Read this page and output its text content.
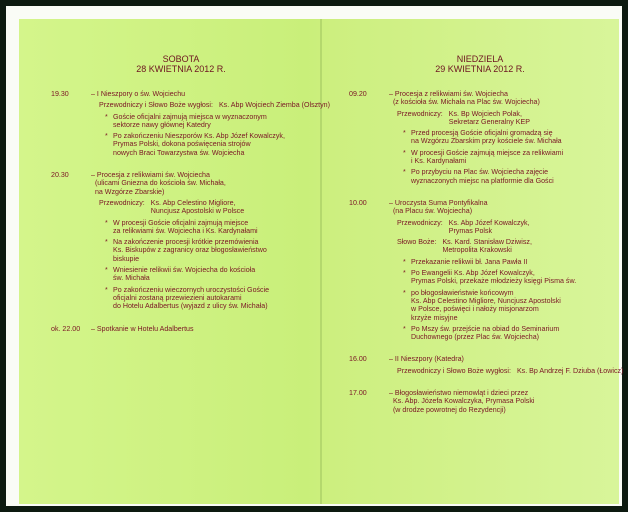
SOBOTA
28 KWIETNIA 2012 R.
19.30	– I Nieszpory o św. Wojciechu
Przewodniczy i Słowo Boże wygłosi: Ks. Abp Wojciech Ziemba (Olsztyn)
* Goście oficjalni zajmują miejsca w wyznaczonym
sektorze nawy głównej Katedry
* Po zakończeniu Nieszporów Ks. Abp Józef Kowalczyk,
Prymas Polski, dokona poświęcenia strojów
nowych Braci Towarzystwa św. Wojciecha
20.30	– Procesja z relikwiami św. Wojciecha
(ulicami Gniezna do kościoła św. Michała,
na Wzgórze Zbarskie)
Przewodniczy: Ks. Abp Celestino Migliore,
Nuncjusz Apostolski w Polsce
* W procesji Goście oficjalni zajmują miejsce
za relikwiami św. Wojciecha i Ks. Kardynałami
* Na zakończenie procesji krótkie przemówienia
Ks. Biskupów z zagranicy oraz błogosławieństwo
biskupie
* Wniesienie relikwii św. Wojciecha do kościoła
św. Michała
* Po zakończeniu wieczornych uroczystości Goście
oficjalni zostaną przewiezieni autokarami
do Hotelu Adalbertus (wyjazd z ulicy św. Michała)
ok. 22.00	– Spotkanie w Hotelu Adalbertus
NIEDZIELA
29 KWIETNIA 2012 R.
09.20	– Procesja z relikwiami św. Wojciecha
(z kościoła św. Michała na Plac św. Wojciecha)
Przewodniczy: Ks. Bp Wojciech Polak,
Sekretarz Generalny KEP
* Przed procesją Goście oficjalni gromadzą się
na Wzgórzu Zbarskim przy kościele św. Michała
* W procesji Goście zajmują miejsce za relikwiami
i Ks. Kardynałami
* Po przybyciu na Plac św. Wojciecha zajęcie
wyznaczonych miejsc na platformie dla Gości
10.00	– Uroczysta Suma Pontyfikalna
(na Placu św. Wojciecha)
Przewodniczy: Ks. Abp Józef Kowalczyk,
Prymas Polsk
Słowo Boże: Ks. Kard. Stanisław Dziwisz,
Metropolita Krakowski
* Przekazanie relikwii bł. Jana Pawła II
* Po Ewangelii Ks. Abp Józef Kowalczyk,
Prymas Polski, przekaże młodzieży księgi Pisma św.
* po błogosławieństwie końcowym
Ks. Abp Celestino Migliore, Nuncjusz Apostolski
w Polsce, poświęci i nałoży misjonarzom
krzyże misyjne
* Po Mszy św. przejście na obiad do Seminarium
Duchownego (przez Plac św. Wojciecha)
16.00	– II Nieszpory (Katedra)
Przewodniczy i Słowo Boże wygłosi: Ks. Bp Andrzej F. Dziuba (Łowicz)
17.00	– Błogosławieństwo niemowląt i dzieci przez
Ks. Abp. Józefa Kowalczyka, Prymasa Polski
(w drodze powrotnej do Rezydencji)
